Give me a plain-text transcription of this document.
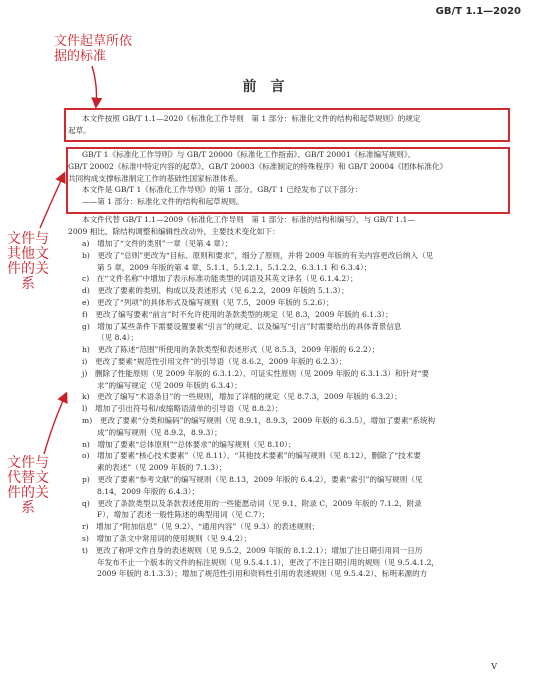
GB/T 1.1—2020
文件起草所依据的标准
文件与其他文件的关系
文件与代替文件的关系
前言
本文件按照 GB/T 1.1—2020《标准化工作导则　第 1 部分：标准化文件的结构和起草规则》的规定
起草。
GB/T 1《标准化工作导则》与 GB/T 20000《标准化工作指南》、GB/T 20001《标准编写规则》、
GB/T 20002《标准中特定内容的起草》、GB/T 20003《标准制定的特殊程序》和 GB/T 20004《团体标准化》
共同构成支撑标准制定工作的基础性国家标准体系。
本文件是 GB/T 1《标准化工作导则》的第 1 部分。GB/T 1 已经发布了以下部分：
——第 1 部分：标准化文件的结构和起草规则。
本文件代替 GB/T 1.1—2009《标准化工作导则　第 1 部分：标准的结构和编写》，与 GB/T 1.1—
2009 相比，除结构调整和编辑性改动外，主要技术变化如下：
a)　增加了“文件的类别”一章（见第 4 章）；
b)　更改了“总则”更改为“目标、原则和要求”，细分了原则，并将 2009 年版的有关内容更改后纳入（见
第 5 章，2009 年版的第 4 章、5.1.1、5.1.2.1、5.1.2.2、6.3.1.1 和 6.3.4）；
c)　在“文件名称”中增加了表示标准功能类型的词语及其英文译名（见 6.1.4.2）；
d)　更改了要素的类别、构成以及表述形式（见 6.2.2，2009 年版的 5.1.3）；
e)　更改了“列项”的具体形式及编写规则（见 7.5，2009 年版的 5.2.6）；
f)　更改了编写要素“前言”时不允许使用的条款类型的规定（见 8.3，2009 年版的 6.1.3）；
g)　增加了某些条件下需要设置要素“引言”的规定、以及编写“引言”时需要给出的具体背景信息
（见 8.4）；
h)　更改了陈述“范围”所使用的条款类型和表述形式（见 8.5.3，2009 年版的 6.2.2）；
i)　更改了要素“规范性引用文件”的引导语（见 8.6.2，2009 年版的 6.2.3）；
j)　删除了性能原则（见 2009 年版的 6.3.1.2）、可证实性原则（见 2009 年版的 6.3.1.3）和针对“要
求”的编写规定（见 2009 年版的 6.3.4）；
k)　更改了编写“术语条目”的一些规则，增加了详细的规定（见 8.7.3，2009 年版的 6.3.2）；
l)　增加了引出符号和/或缩略语清单的引导语（见 8.8.2）；
m)　更改了要素“分类和编码”的编写规则（见 8.9.1，8.9.3，2009 年版的 6.3.5），增加了要素“系统构
成”的编写规则（见 8.9.2，8.9.3）；
n)　增加了要素“总体原则”“总体要求”的编写规则（见 8.10）；
o)　增加了要素“核心技术要素”（见 8.11）、“其他技术要素”的编写规则（见 8.12），删除了“技术要
素的表述”（见 2009 年版的 7.1.3）；
p)　更改了要素“参考文献”的编写规则（见 8.13，2009 年版的 6.4.2），要素“索引”的编写规则（见
8.14，2009 年版的 6.4.3）；
q)　更改了条款类型以及条款表述使用的一些能愿动词（见 9.1、附录 C，2009 年版的 7.1.2、附录
F），增加了表述一般性陈述的典型用词（见 C.7）；
r)　增加了“附加信息”（见 9.2）、“通用内容”（见 9.3）的表述规则；
s)　增加了条文中常用词的使用规则（见 9.4.2）；
t)　更改了称呼文件自身的表述规则（见 9.5.2，2009 年版的 8.1.2.1）；增加了注日期引用同一日历
年发布不止一个版本的文件的标注规则（见 9.5.4.1.1），更改了不注日期引用的规则（见 9.5.4.1.2，
2009 年版的 8.1.3.3）；增加了规范性引用和资料性引用的表述规则（见 9.5.4.2）、标明来源的方
V
